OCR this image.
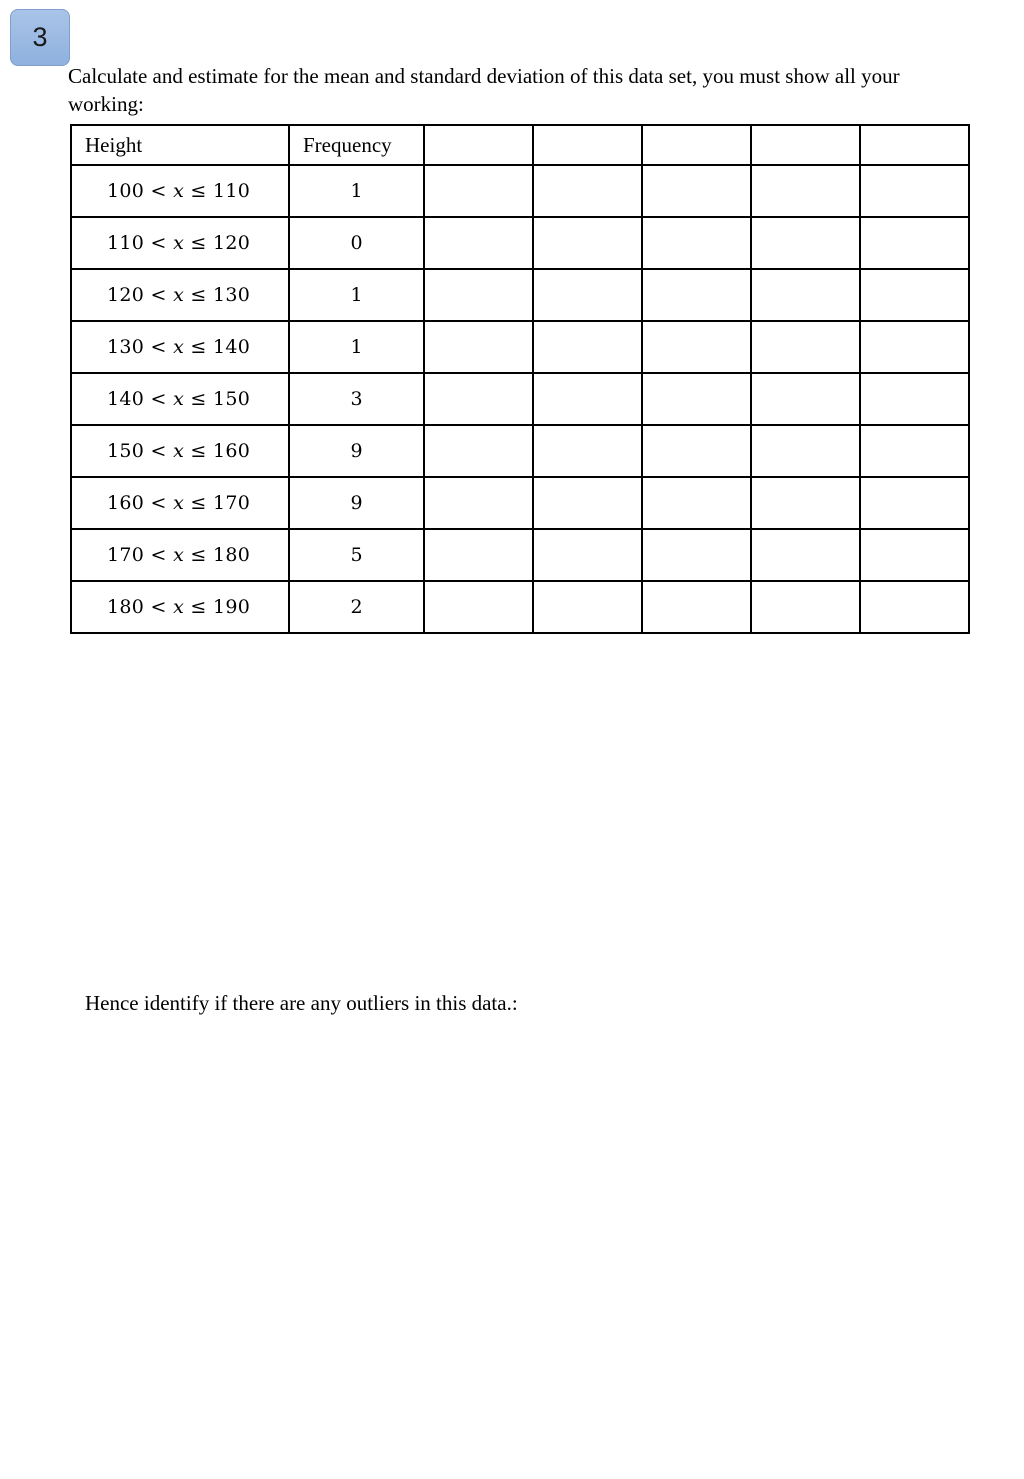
3
Calculate and estimate for the mean and standard deviation of this data set, you must show all your working:
Height	Frequency					
100 < 𝑥 ≤ 110	1					
110 < 𝑥 ≤ 120	0					
120 < 𝑥 ≤ 130	1					
130 < 𝑥 ≤ 140	1					
140 < 𝑥 ≤ 150	3					
150 < 𝑥 ≤ 160	9					
160 < 𝑥 ≤ 170	9					
170 < 𝑥 ≤ 180	5					
180 < 𝑥 ≤ 190	2					
Hence identify if there are any outliers in this data.:
